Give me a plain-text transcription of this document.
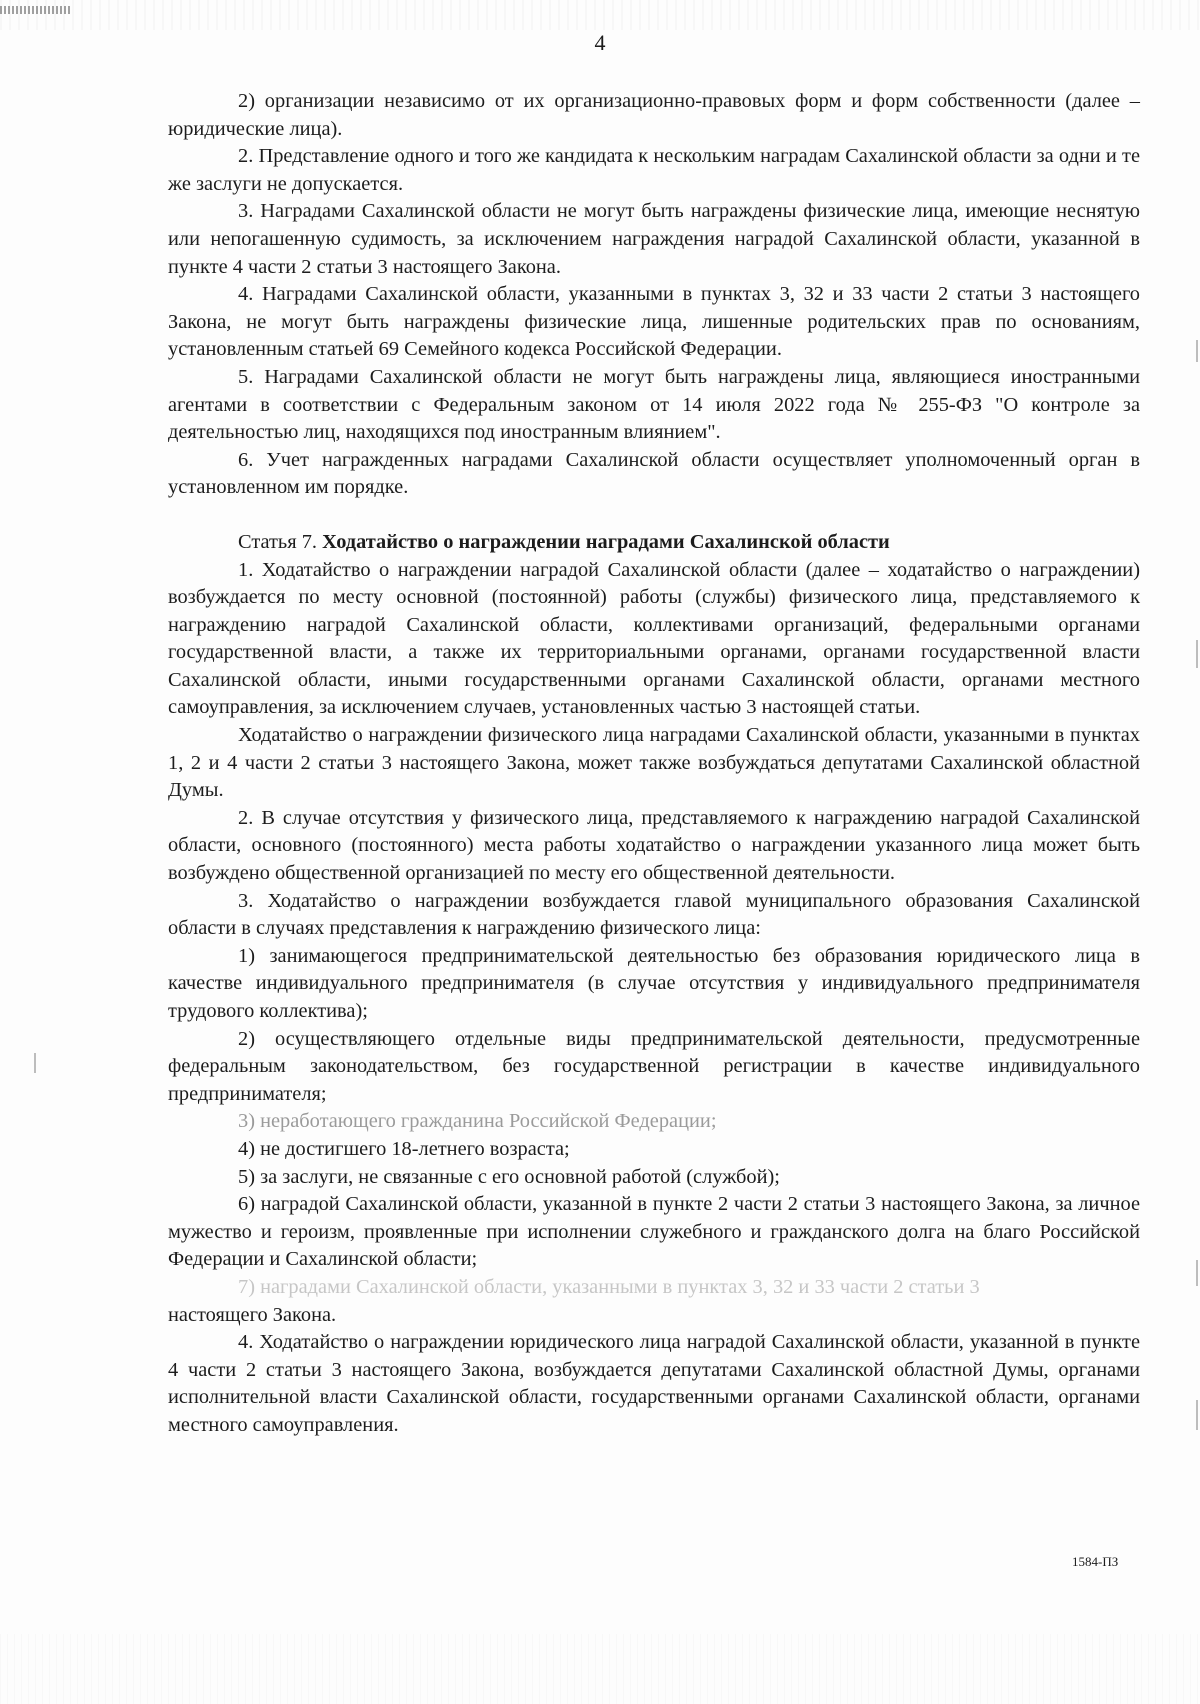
4

2) организации независимо от их организационно-правовых форм и форм собственности (далее – юридические лица).

2. Представление одного и того же кандидата к нескольким наградам Сахалинской области за одни и те же заслуги не допускается.

3. Наградами Сахалинской области не могут быть награждены физические лица, имеющие неснятую или непогашенную судимость, за исключением награждения наградой Сахалинской области, указанной в пункте 4 части 2 статьи 3 настоящего Закона.

4. Наградами Сахалинской области, указанными в пунктах 3, 32 и 33 части 2 статьи 3 настоящего Закона, не могут быть награждены физические лица, лишенные родительских прав по основаниям, установленным статьей 69 Семейного кодекса Российской Федерации.

5. Наградами Сахалинской области не могут быть награждены лица, являющиеся иностранными агентами в соответствии с Федеральным законом от 14 июля 2022 года № 255-ФЗ "О контроле за деятельностью лиц, находящихся под иностранным влиянием".

6. Учет награжденных наградами Сахалинской области осуществляет уполномоченный орган в установленном им порядке.

Статья 7. Ходатайство о награждении наградами Сахалинской области

1. Ходатайство о награждении наградой Сахалинской области (далее – ходатайство о награждении) возбуждается по месту основной (постоянной) работы (службы) физического лица, представляемого к награждению наградой Сахалинской области, коллективами организаций, федеральными органами государственной власти, а также их территориальными органами, органами государственной власти Сахалинской области, иными государственными органами Сахалинской области, органами местного самоуправления, за исключением случаев, установленных частью 3 настоящей статьи.

Ходатайство о награждении физического лица наградами Сахалинской области, указанными в пунктах 1, 2 и 4 части 2 статьи 3 настоящего Закона, может также возбуждаться депутатами Сахалинской областной Думы.

2. В случае отсутствия у физического лица, представляемого к награждению наградой Сахалинской области, основного (постоянного) места работы ходатайство о награждении указанного лица может быть возбуждено общественной организацией по месту его общественной деятельности.

3. Ходатайство о награждении возбуждается главой муниципального образования Сахалинской области в случаях представления к награждению физического лица:

1) занимающегося предпринимательской деятельностью без образования юридического лица в качестве индивидуального предпринимателя (в случае отсутствия у индивидуального предпринимателя трудового коллектива);

2) осуществляющего отдельные виды предпринимательской деятельности, предусмотренные федеральным законодательством, без государственной регистрации в качестве индивидуального предпринимателя;

3) неработающего гражданина Российской Федерации;

4) не достигшего 18-летнего возраста;

5) за заслуги, не связанные с его основной работой (службой);

6) наградой Сахалинской области, указанной в пункте 2 части 2 статьи 3 настоящего Закона, за личное мужество и героизм, проявленные при исполнении служебного и гражданского долга на благо Российской Федерации и Сахалинской области;

7) наградами Сахалинской области, указанными в пунктах 3, 32 и 33 части 2 статьи 3

настоящего Закона.

4. Ходатайство о награждении юридического лица наградой Сахалинской области, указанной в пункте 4 части 2 статьи 3 настоящего Закона, возбуждается депутатами Сахалинской областной Думы, органами исполнительной власти Сахалинской области, государственными органами Сахалинской области, органами местного самоуправления.

1584-ПЗ
